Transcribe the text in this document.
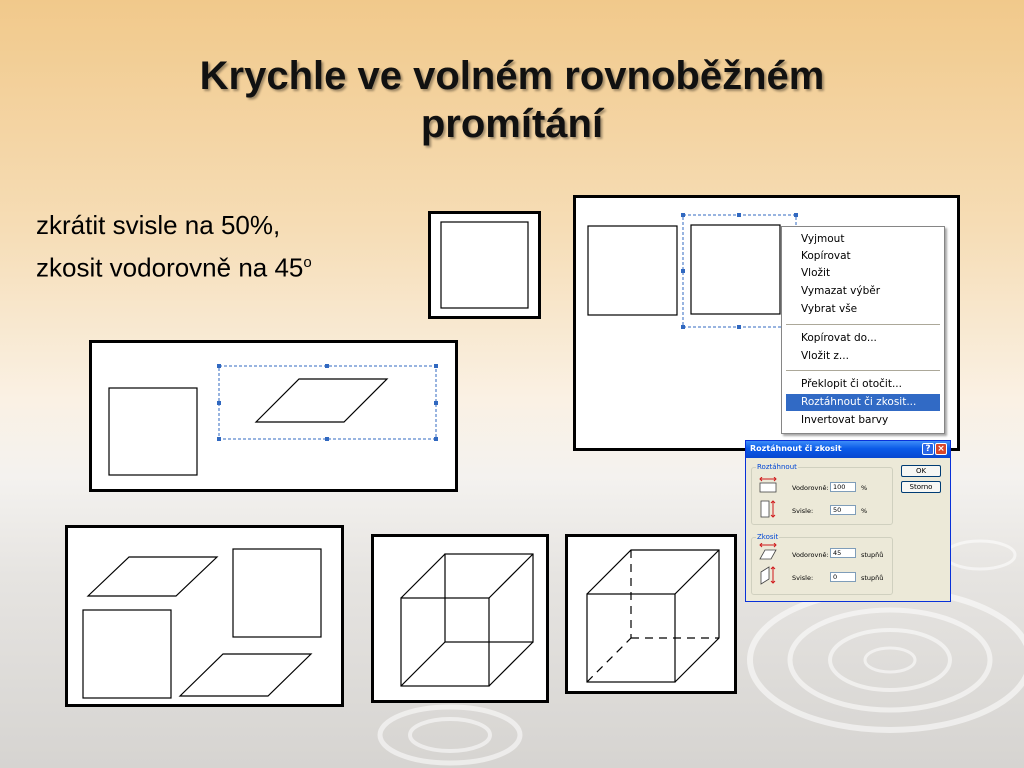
Krychle ve volném rovnoběžném
promítání
zkrátit svisle na 50%,
zkosit vodorovně na 45$^o$
Vyjmout
Kopírovat
Vložit
Vymazat výběr
Vybrat vše
Kopírovat do...
Vložit z...
Překlopit či otočit...
Roztáhnout či zkosit...
Invertovat barvy
Roztáhnout či zkosit	? ×
OK
Storno
Roztáhnout
Vodorovně: 100	%
Svisle:	50	%
Zkosit
Vodorovně: 45	stupňů
Svisle:	0	stupňů
